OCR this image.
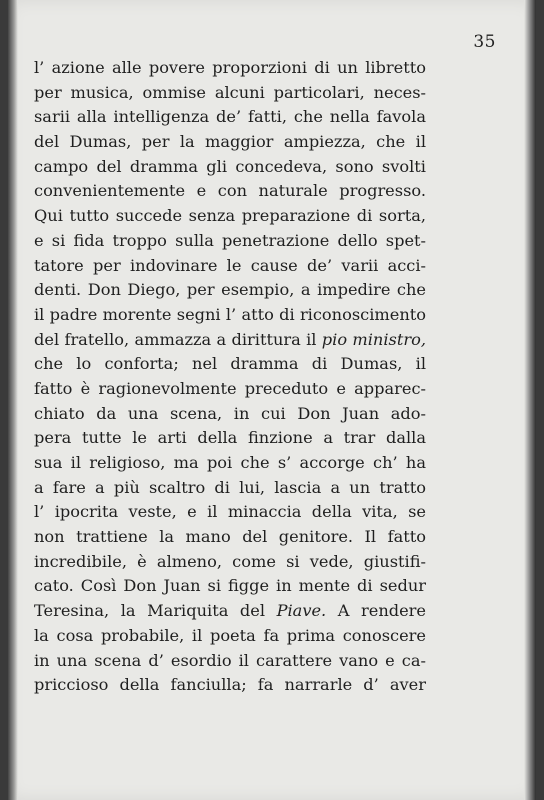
35
l’ azione alle povere proporzioni di un libretto
per musica, ommise alcuni particolari, neces-
sarii alla intelligenza de’ fatti, che nella favola
del Dumas, per la maggior ampiezza, che il
campo del dramma gli concedeva, sono svolti
convenientemente e con naturale progresso.
Qui tutto succede senza preparazione di sorta,
e si fida troppo sulla penetrazione dello spet-
tatore per indovinare le cause de’ varii acci-
denti. Don Diego, per esempio, a impedire che
il padre morente segni l’ atto di riconoscimento
del fratello, ammazza a dirittura il pio ministro,
che lo conforta; nel dramma di Dumas, il
fatto è ragionevolmente preceduto e apparec-
chiato da una scena, in cui Don Juan ado-
pera tutte le arti della finzione a trar dalla
sua il religioso, ma poi che s’ accorge ch’ ha
a fare a più scaltro di lui, lascia a un tratto
l’ ipocrita veste, e il minaccia della vita, se
non trattiene la mano del genitore. Il fatto
incredibile, è almeno, come si vede, giustifi-
cato. Così Don Juan si figge in mente di sedur
Teresina, la Mariquita del Piave. A rendere
la cosa probabile, il poeta fa prima conoscere
in una scena d’ esordio il carattere vano e ca-
priccioso della fanciulla; fa narrarle d’ aver
